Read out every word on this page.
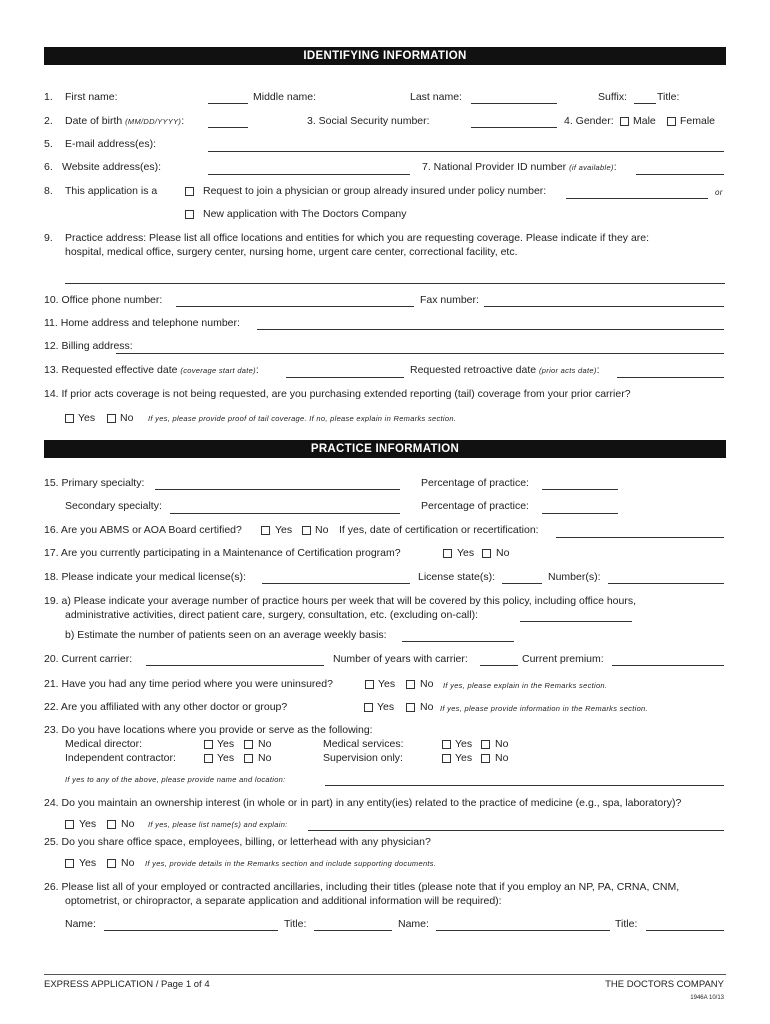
IDENTIFYING INFORMATION
1. First name:	Middle name:	Last name:	Suffix:	Title:
2. Date of birth (MM/DD/YYYY):	3. Social Security number:	4. Gender: Male Female
5. E-mail address(es):
6. Website address(es):	7. National Provider ID number (if available):
8. This application is a	Request to join a physician or group already insured under policy number:	or
New application with The Doctors Company
9. Practice address: Please list all office locations and entities for which you are requesting coverage. Please indicate if they are:
hospital, medical office, surgery center, nursing home, urgent care center, correctional facility, etc.
10. Office phone number:	Fax number:
11. Home address and telephone number:
12. Billing address:
13. Requested effective date (coverage start date):	Requested retroactive date (prior acts date):
14. If prior acts coverage is not being requested, are you purchasing extended reporting (tail) coverage from your prior carrier?
Yes No If yes, please provide proof of tail coverage. If no, please explain in Remarks section.
PRACTICE INFORMATION
15. Primary specialty:	Percentage of practice:
Secondary specialty:	Percentage of practice:
16. Are you ABMS or AOA Board certified?	Yes No If yes, date of certification or recertification:
17. Are you currently participating in a Maintenance of Certification program?	Yes No
18. Please indicate your medical license(s):	License state(s):	Number(s):
19. a) Please indicate your average number of practice hours per week that will be covered by this policy, including office hours,
administrative activities, direct patient care, surgery, consultation, etc. (excluding on-call):
b) Estimate the number of patients seen on an average weekly basis:
20. Current carrier:	Number of years with carrier:	Current premium:
21. Have you had any time period where you were uninsured?	Yes No If yes, please explain in the Remarks section.
22. Are you affiliated with any other doctor or group?	Yes No If yes, please provide information in the Remarks section.
23. Do you have locations where you provide or serve as the following:
Medical director:	Yes No	Medical services:	Yes No
Independent contractor:	Yes No	Supervision only:	Yes No
If yes to any of the above, please provide name and location:
24. Do you maintain an ownership interest (in whole or in part) in any entity(ies) related to the practice of medicine (e.g., spa, laboratory)?
Yes No If yes, please list name(s) and explain:
25. Do you share office space, employees, billing, or letterhead with any physician?
Yes No If yes, provide details in the Remarks section and include supporting documents.
26. Please list all of your employed or contracted ancillaries, including their titles (please note that if you employ an NP, PA, CRNA, CNM,
optometrist, or chiropractor, a separate application and additional information will be required):
Name:	Title:	Name:	Title:
EXPRESS APPLICATION / Page 1 of 4	THE DOCTORS COMPANY
1946A 10/13
